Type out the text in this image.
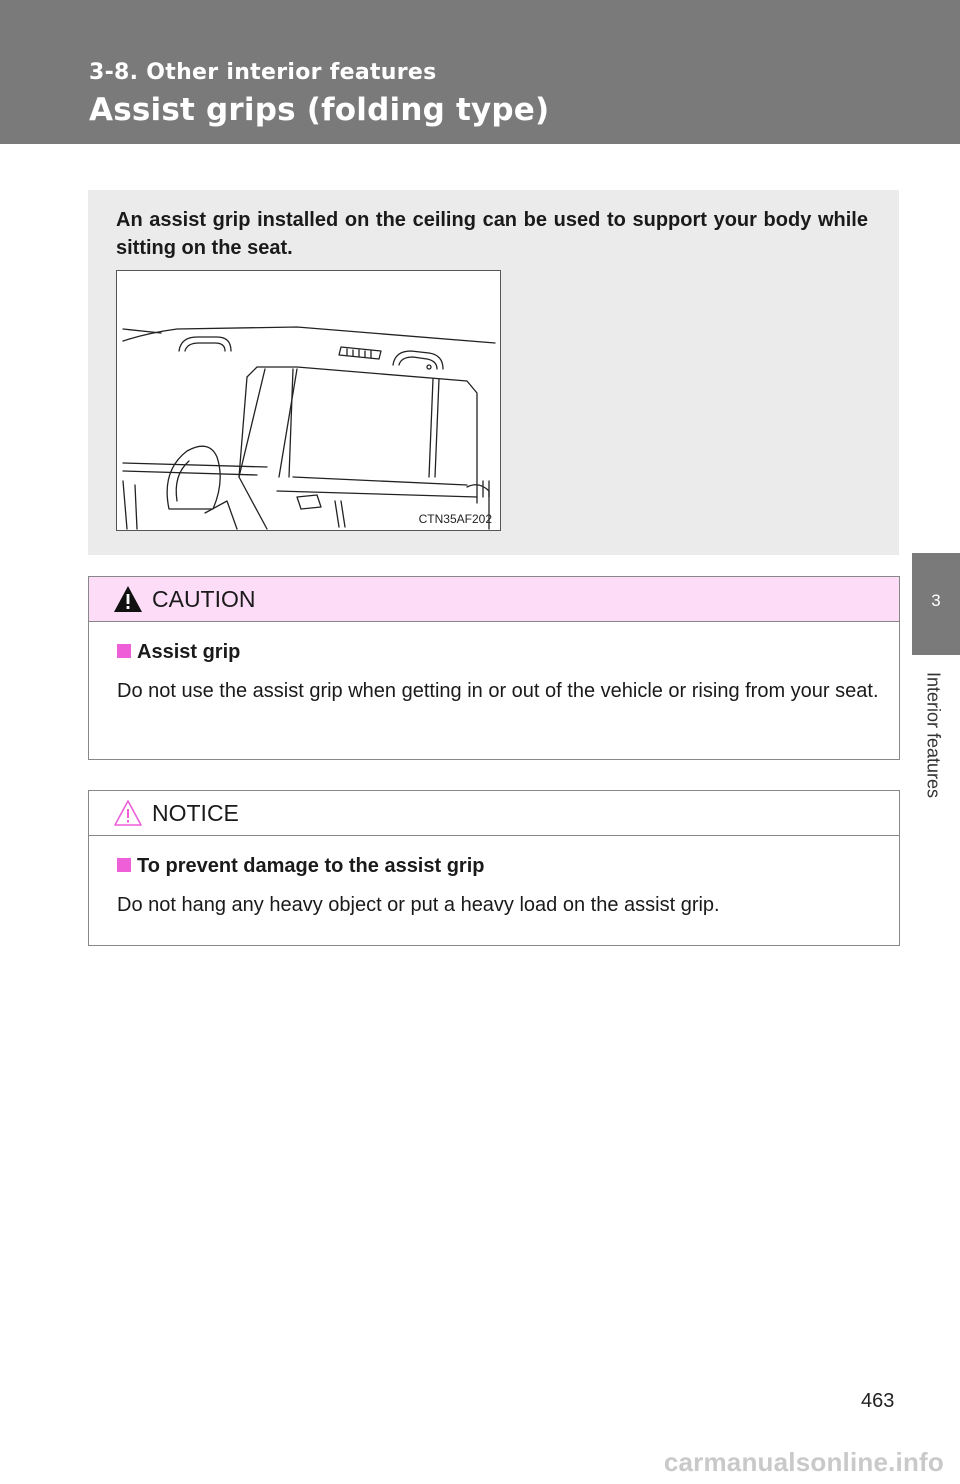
3-8. Other interior features
Assist grips (folding type)
3
Interior features
An assist grip installed on the ceiling can be used to support your body while sitting on the seat.
CTN35AF202
CAUTION
Assist grip
Do not use the assist grip when getting in or out of the vehicle or rising from your seat.
NOTICE
To prevent damage to the assist grip
Do not hang any heavy object or put a heavy load on the assist grip.
463
carmanualsonline.info
